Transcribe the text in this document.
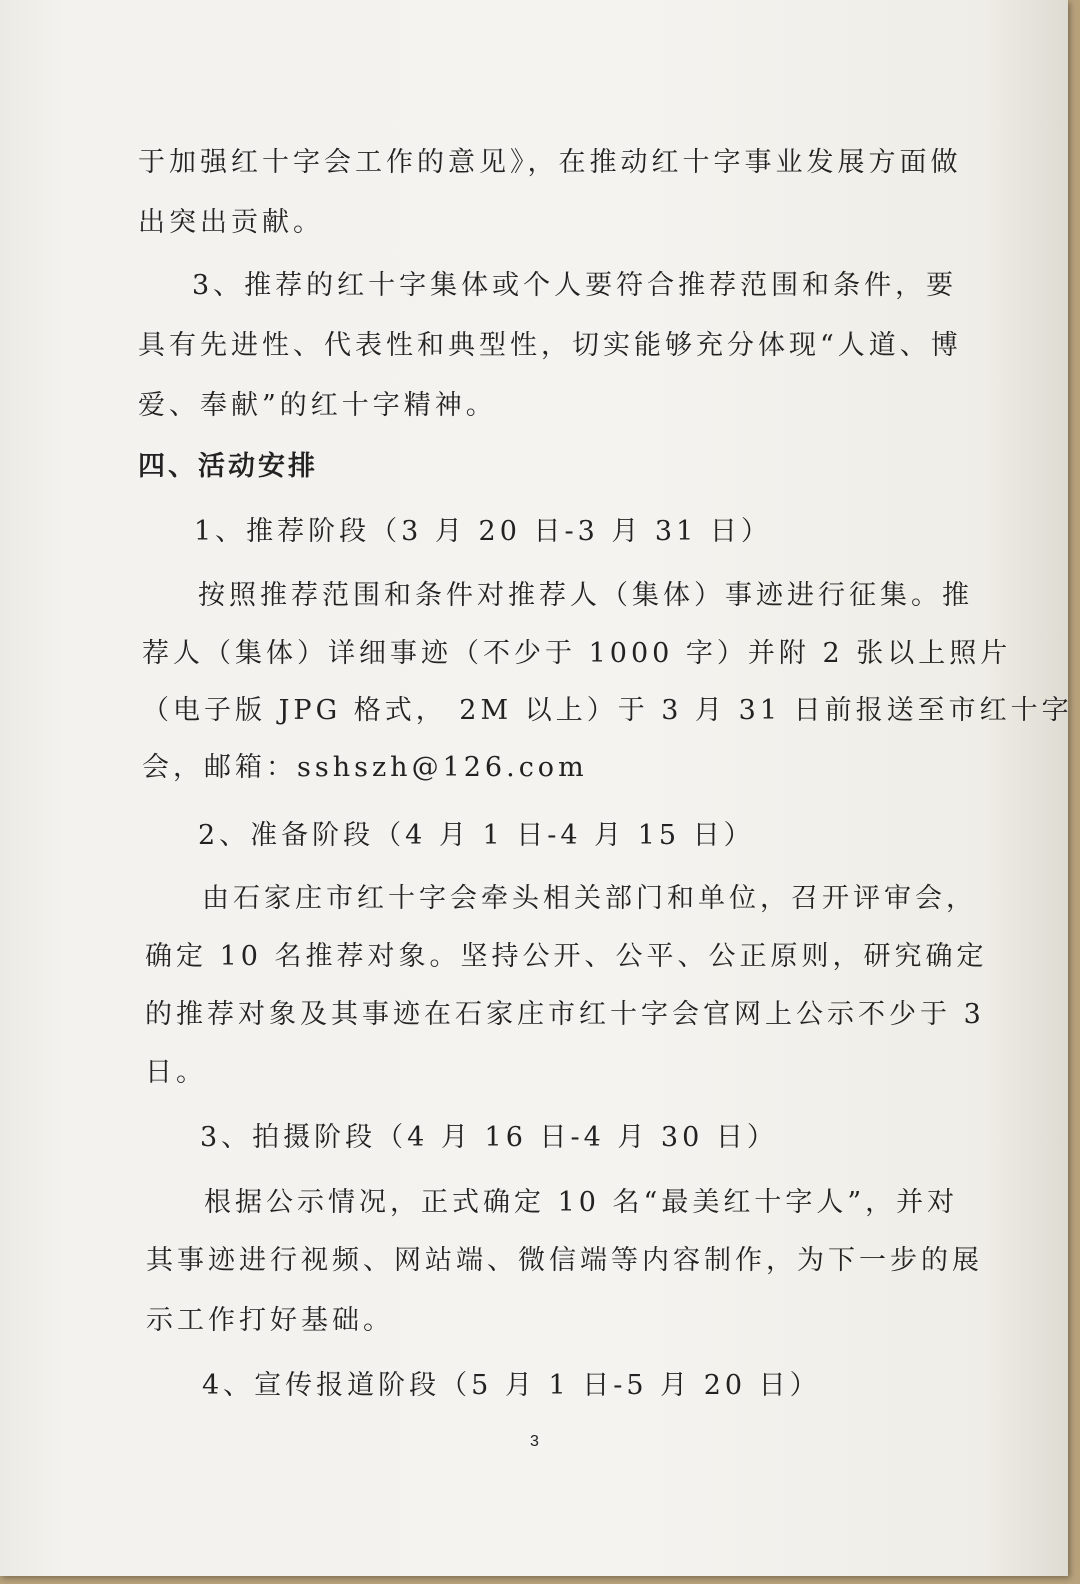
于加强红十字会工作的意见》，在推动红十字事业发展方面做
出突出贡献。
3、推荐的红十字集体或个人要符合推荐范围和条件，要
具有先进性、代表性和典型性，切实能够充分体现“人道、博
爱、奉献”的红十字精神。
四、活动安排
1、推荐阶段（3 月 20 日-3 月 31 日）
按照推荐范围和条件对推荐人（集体）事迹进行征集。推
荐人（集体）详细事迹（不少于 1000 字）并附 2 张以上照片
（电子版 JPG 格式， 2M 以上）于 3 月 31 日前报送至市红十字
会，邮箱：sshszh@126.com
2、准备阶段（4 月 1 日-4 月 15 日）
由石家庄市红十字会牵头相关部门和单位，召开评审会，
确定 10 名推荐对象。坚持公开、公平、公正原则，研究确定
的推荐对象及其事迹在石家庄市红十字会官网上公示不少于 3
日。
3、拍摄阶段（4 月 16 日-4 月 30 日）
根据公示情况，正式确定 10 名“最美红十字人”，并对
其事迹进行视频、网站端、微信端等内容制作，为下一步的展
示工作打好基础。
4、宣传报道阶段（5 月 1 日-5 月 20 日）
3
